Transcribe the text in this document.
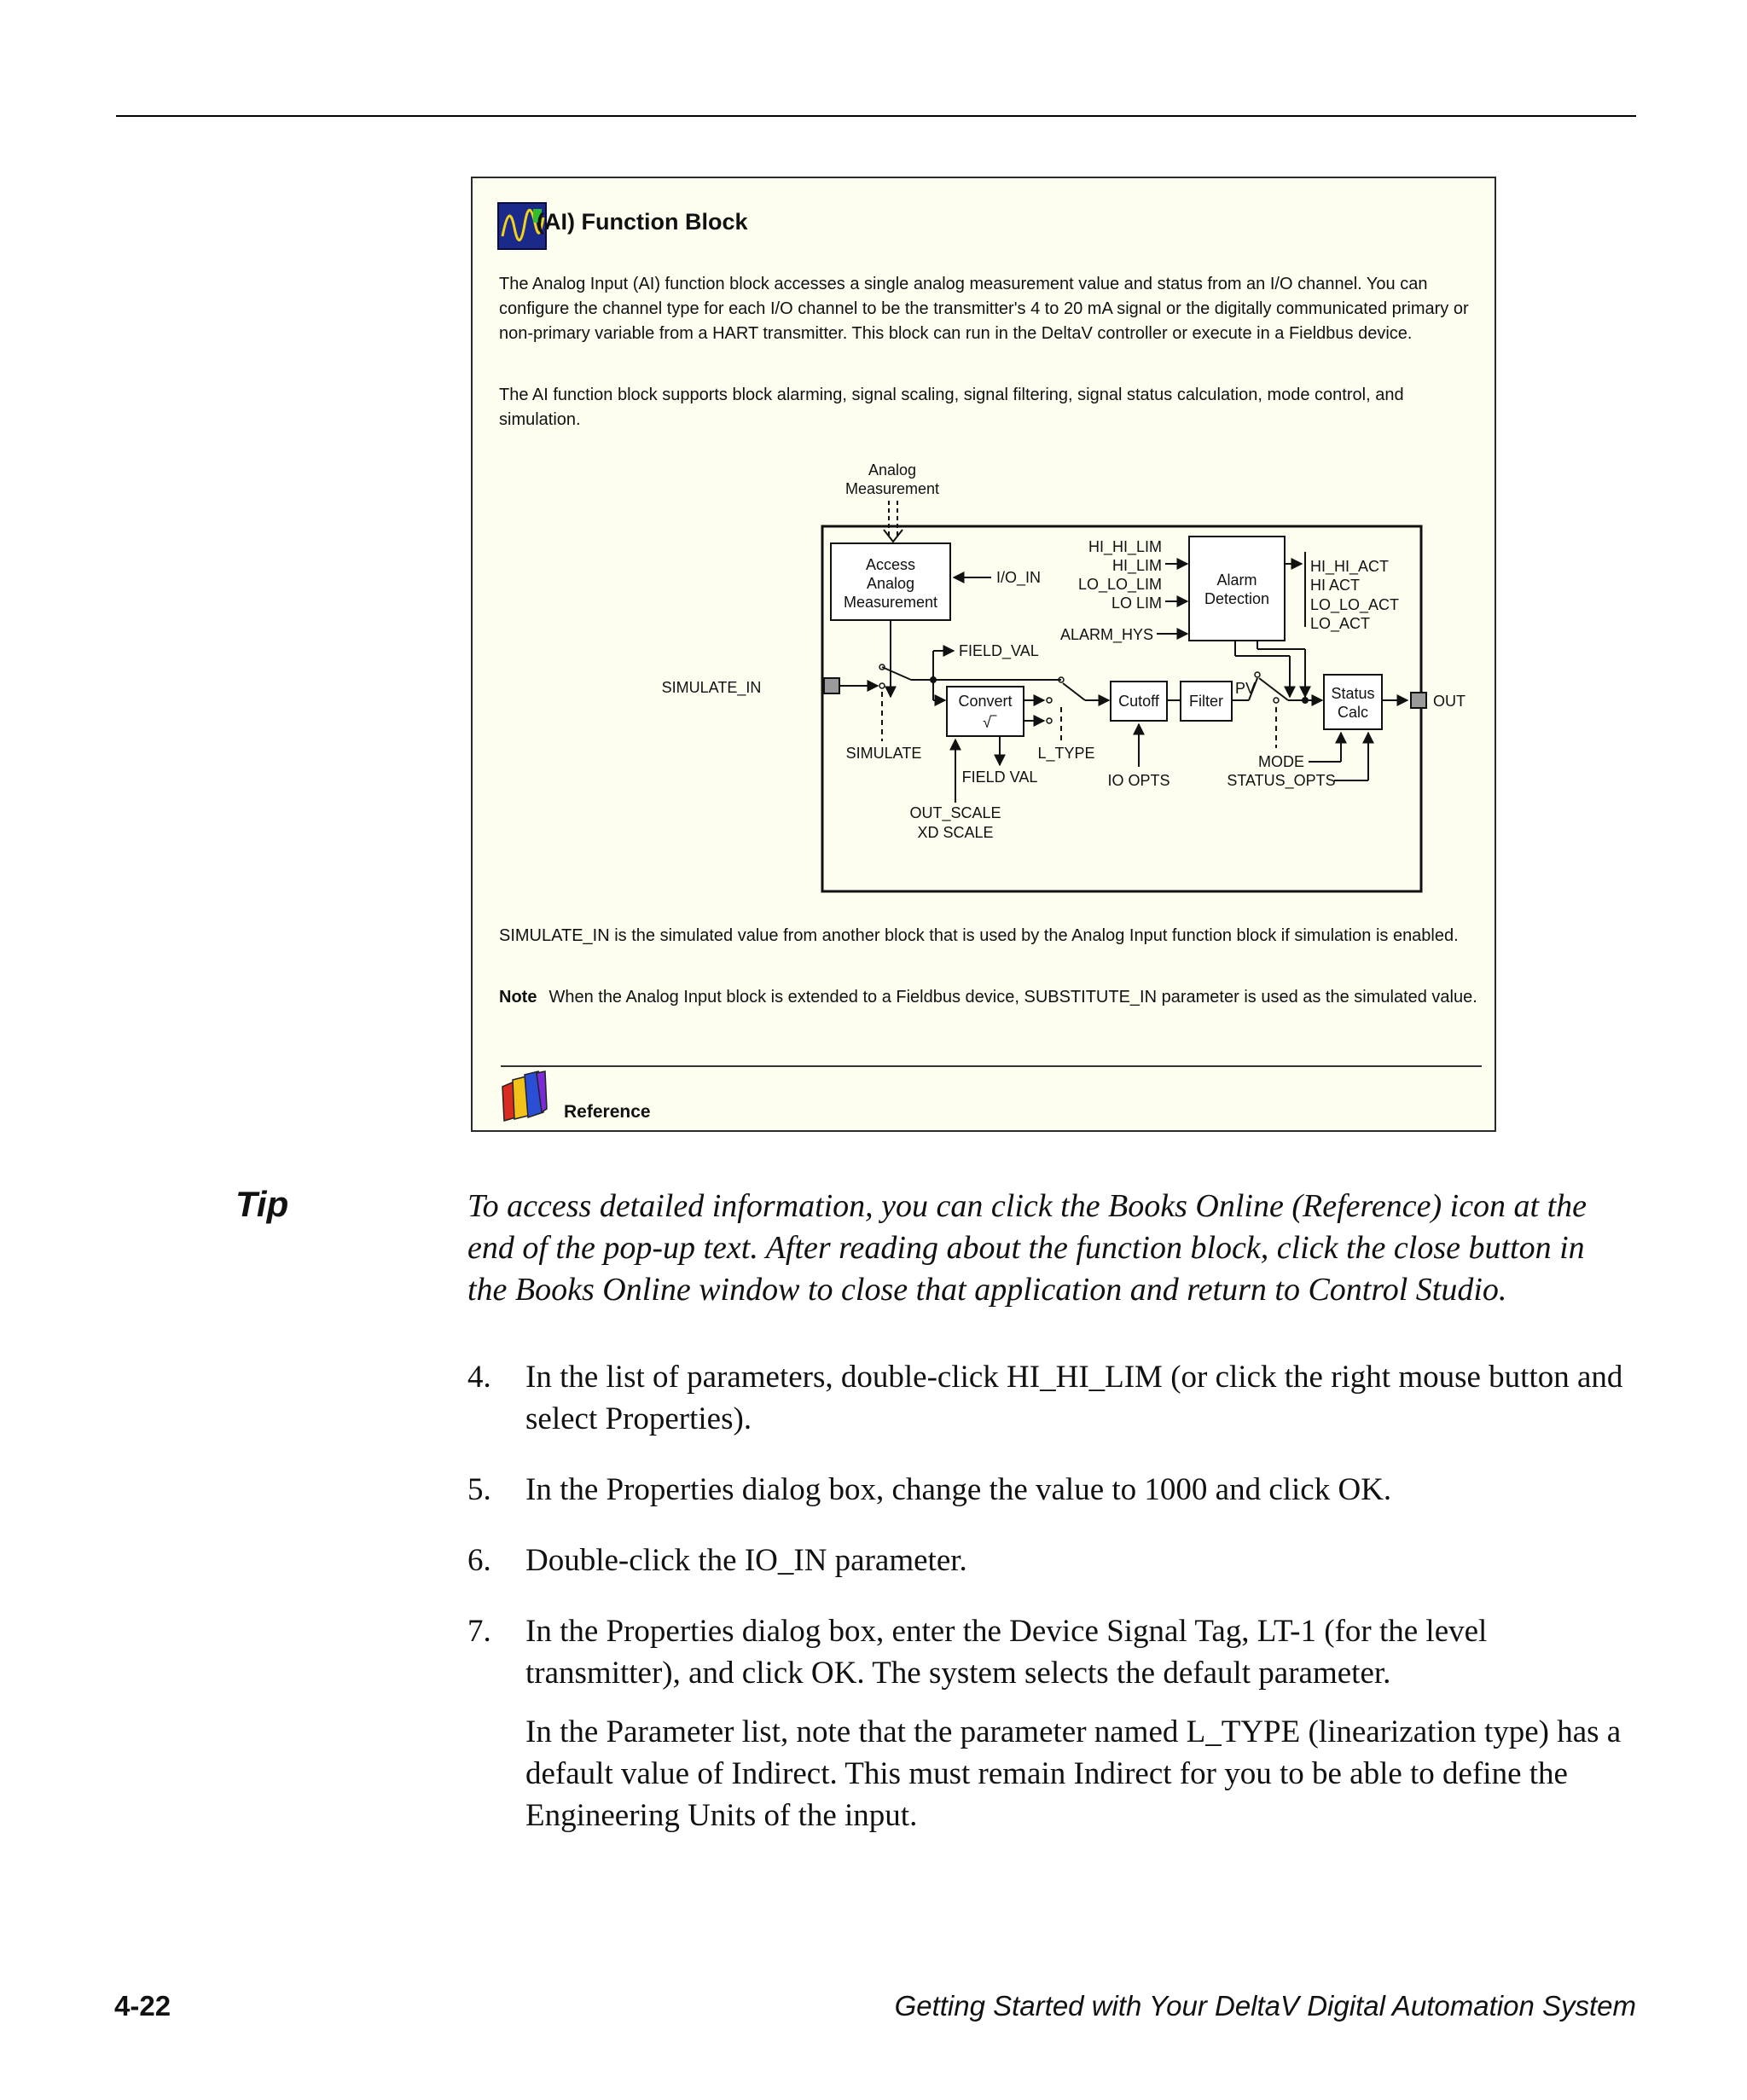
(AI) Function Block

The Analog Input (AI) function block accesses a single analog measurement value and status from an I/O channel. You can configure the channel type for each I/O channel to be the transmitter's 4 to 20 mA signal or the digitally communicated primary or non-primary variable from a HART transmitter. This block can run in the DeltaV controller or execute in a Fieldbus device.

The AI function block supports block alarming, signal scaling, signal filtering, signal status calculation, mode control, and simulation.

Analog
Measurement
Access
Analog
Measurement
I/O_IN
HI_HI_LIM
HI_LIM
LO_LO_LIM
LO LIM
ALARM_HYS
Alarm
Detection
HI_HI_ACT
HI ACT
LO_LO_ACT
LO_ACT
SIMULATE_IN
FIELD_VAL
Convert
√‾
Cutoff Filter
PV	Status
Calc
OUT
SIMULATE	L_TYPE
FIELD VAL
OUT_SCALE
XD SCALE
IO OPTS
MODE
STATUS_OPTS

SIMULATE_IN is the simulated value from another block that is used by the Analog Input function block if simulation is enabled.

Note When the Analog Input block is extended to a Fieldbus device, SUBSTITUTE_IN parameter is used as the simulated value.

Reference
Tip	To access detailed information, you can click the Books Online (Reference) icon at the end of the pop-up text. After reading about the function block, click the close button in the Books Online window to close that application and return to Control Studio.

4. In the list of parameters, double-click HI_HI_LIM (or click the right mouse button and select Properties).
5. In the Properties dialog box, change the value to 1000 and click OK.
6. Double-click the IO_IN parameter.
7. In the Properties dialog box, enter the Device Signal Tag, LT-1 (for the level transmitter), and click OK. The system selects the default parameter.
In the Parameter list, note that the parameter named L_TYPE (linearization type) has a default value of Indirect. This must remain Indirect for you to be able to define the Engineering Units of the input.
4-22	Getting Started with Your DeltaV Digital Automation System
